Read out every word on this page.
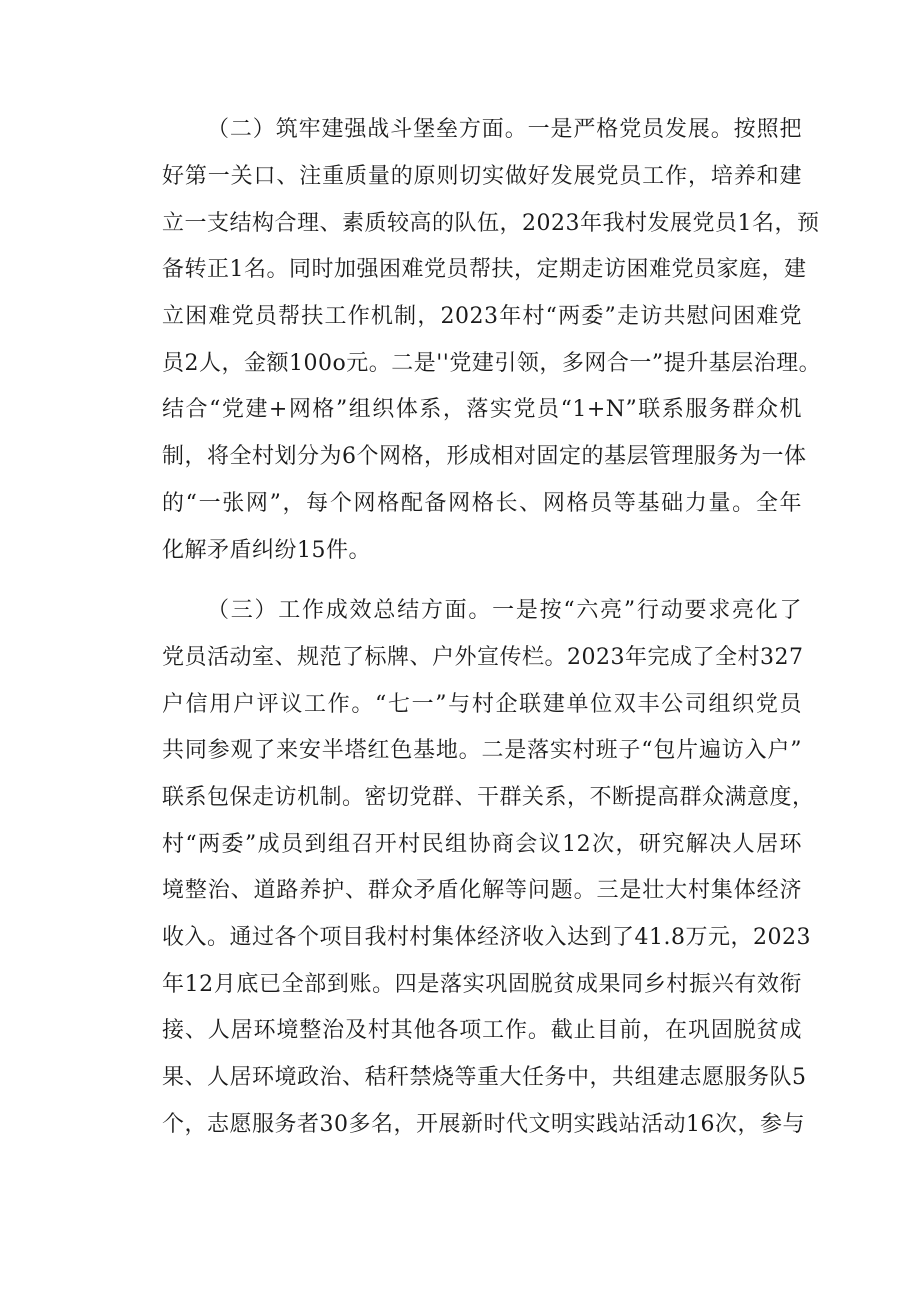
（二）筑牢建强战斗堡垒方面。一是严格党员发展。按照把
好第一关口、注重质量的原则切实做好发展党员工作，培养和建
立一支结构合理、素质较高的队伍，2023年我村发展党员1名，预
备转正1名。同时加强困难党员帮扶，定期走访困难党员家庭，建
立困难党员帮扶工作机制，2023年村“两委”走访共慰问困难党
员2人，金额100o元。二是''党建引领，多网合一”提升基层治理。
结合“党建+网格”组织体系，落实党员“1+N”联系服务群众机
制，将全村划分为6个网格，形成相对固定的基层管理服务为一体
的“一张网”，每个网格配备网格长、网格员等基础力量。全年
化解矛盾纠纷15件。
（三）工作成效总结方面。一是按“六亮”行动要求亮化了
党员活动室、规范了标牌、户外宣传栏。2023年完成了全村327
户信用户评议工作。“七一”与村企联建单位双丰公司组织党员
共同参观了来安半塔红色基地。二是落实村班子“包片遍访入户”
联系包保走访机制。密切党群、干群关系，不断提高群众满意度，
村“两委”成员到组召开村民组协商会议12次，研究解决人居环
境整治、道路养护、群众矛盾化解等问题。三是壮大村集体经济
收入。通过各个项目我村村集体经济收入达到了41.8万元，2023
年12月底已全部到账。四是落实巩固脱贫成果同乡村振兴有效衔
接、人居环境整治及村其他各项工作。截止目前，在巩固脱贫成
果、人居环境政治、秸秆禁烧等重大任务中，共组建志愿服务队5
个，志愿服务者30多名，开展新时代文明实践站活动16次，参与
